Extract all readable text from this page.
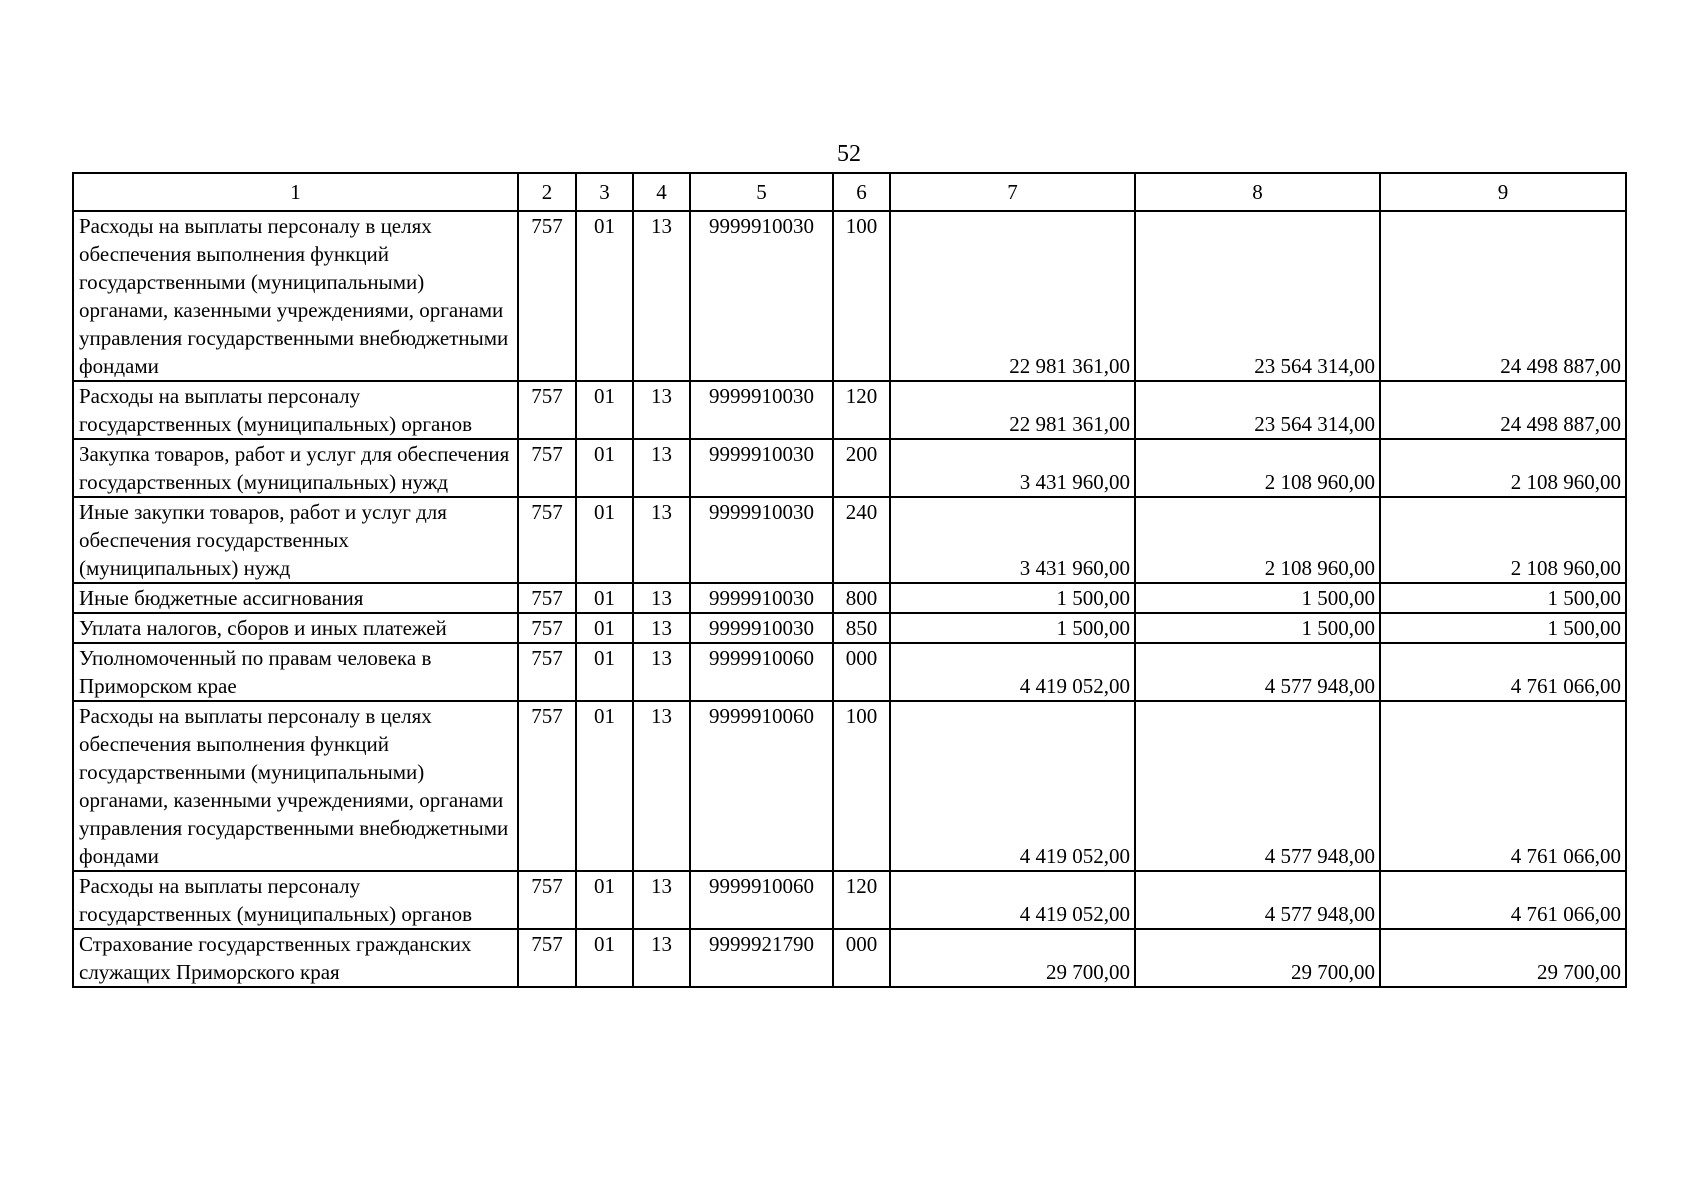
52
1	2	3	4	5	6	7	8	9
Расходы на выплаты персоналу в целях обеспечения выполнения функций государственными (муниципальными) органами, казенными учреждениями, органами управления государственными внебюджетными фондами	757	01	13	9999910030	100	22 981 361,00	23 564 314,00	24 498 887,00
Расходы на выплаты персоналу государственных (муниципальных) органов	757	01	13	9999910030	120	22 981 361,00	23 564 314,00	24 498 887,00
Закупка товаров, работ и услуг для обеспечения государственных (муниципальных) нужд	757	01	13	9999910030	200	3 431 960,00	2 108 960,00	2 108 960,00
Иные закупки товаров, работ и услуг для обеспечения государственных (муниципальных) нужд	757	01	13	9999910030	240	3 431 960,00	2 108 960,00	2 108 960,00
Иные бюджетные ассигнования	757	01	13	9999910030	800	1 500,00	1 500,00	1 500,00
Уплата налогов, сборов и иных платежей	757	01	13	9999910030	850	1 500,00	1 500,00	1 500,00
Уполномоченный по правам человека в Приморском крае	757	01	13	9999910060	000	4 419 052,00	4 577 948,00	4 761 066,00
Расходы на выплаты персоналу в целях обеспечения выполнения функций государственными (муниципальными) органами, казенными учреждениями, органами управления государственными внебюджетными фондами	757	01	13	9999910060	100	4 419 052,00	4 577 948,00	4 761 066,00
Расходы на выплаты персоналу государственных (муниципальных) органов	757	01	13	9999910060	120	4 419 052,00	4 577 948,00	4 761 066,00
Страхование государственных гражданских служащих Приморского края	757	01	13	9999921790	000	29 700,00	29 700,00	29 700,00
